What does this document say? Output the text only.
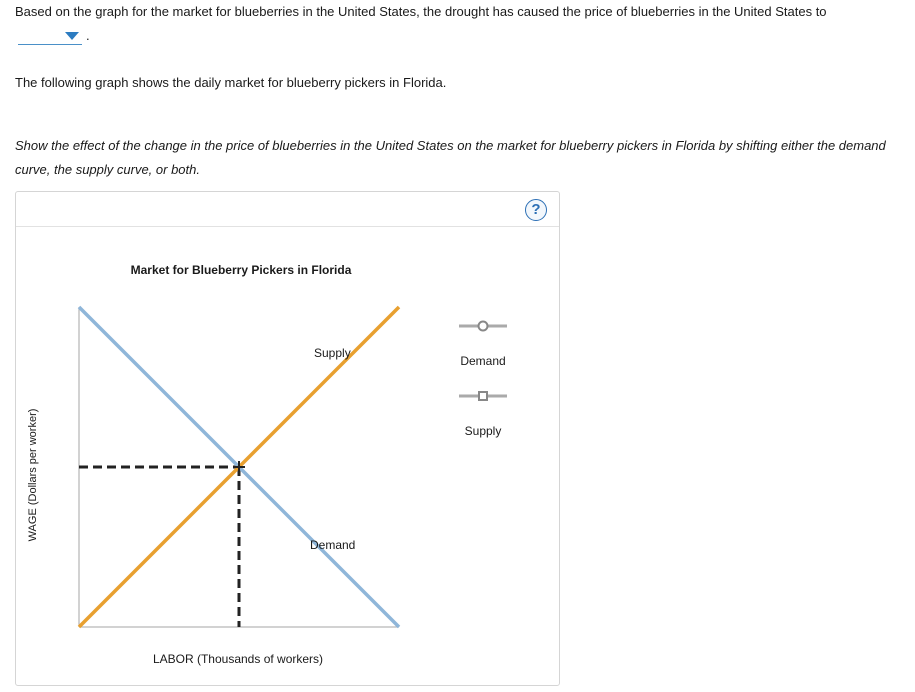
Based on the graph for the market for blueberries in the United States, the drought has caused the price of blueberries in the United States to
.
The following graph shows the daily market for blueberry pickers in Florida.
Show the effect of the change in the price of blueberries in the United States on the market for blueberry pickers in Florida by shifting either the demand curve, the supply curve, or both.
?
Market for Blueberry Pickers in Florida
WAGE (Dollars per worker)
LABOR (Thousands of workers)
Supply
Demand
Demand
Supply
